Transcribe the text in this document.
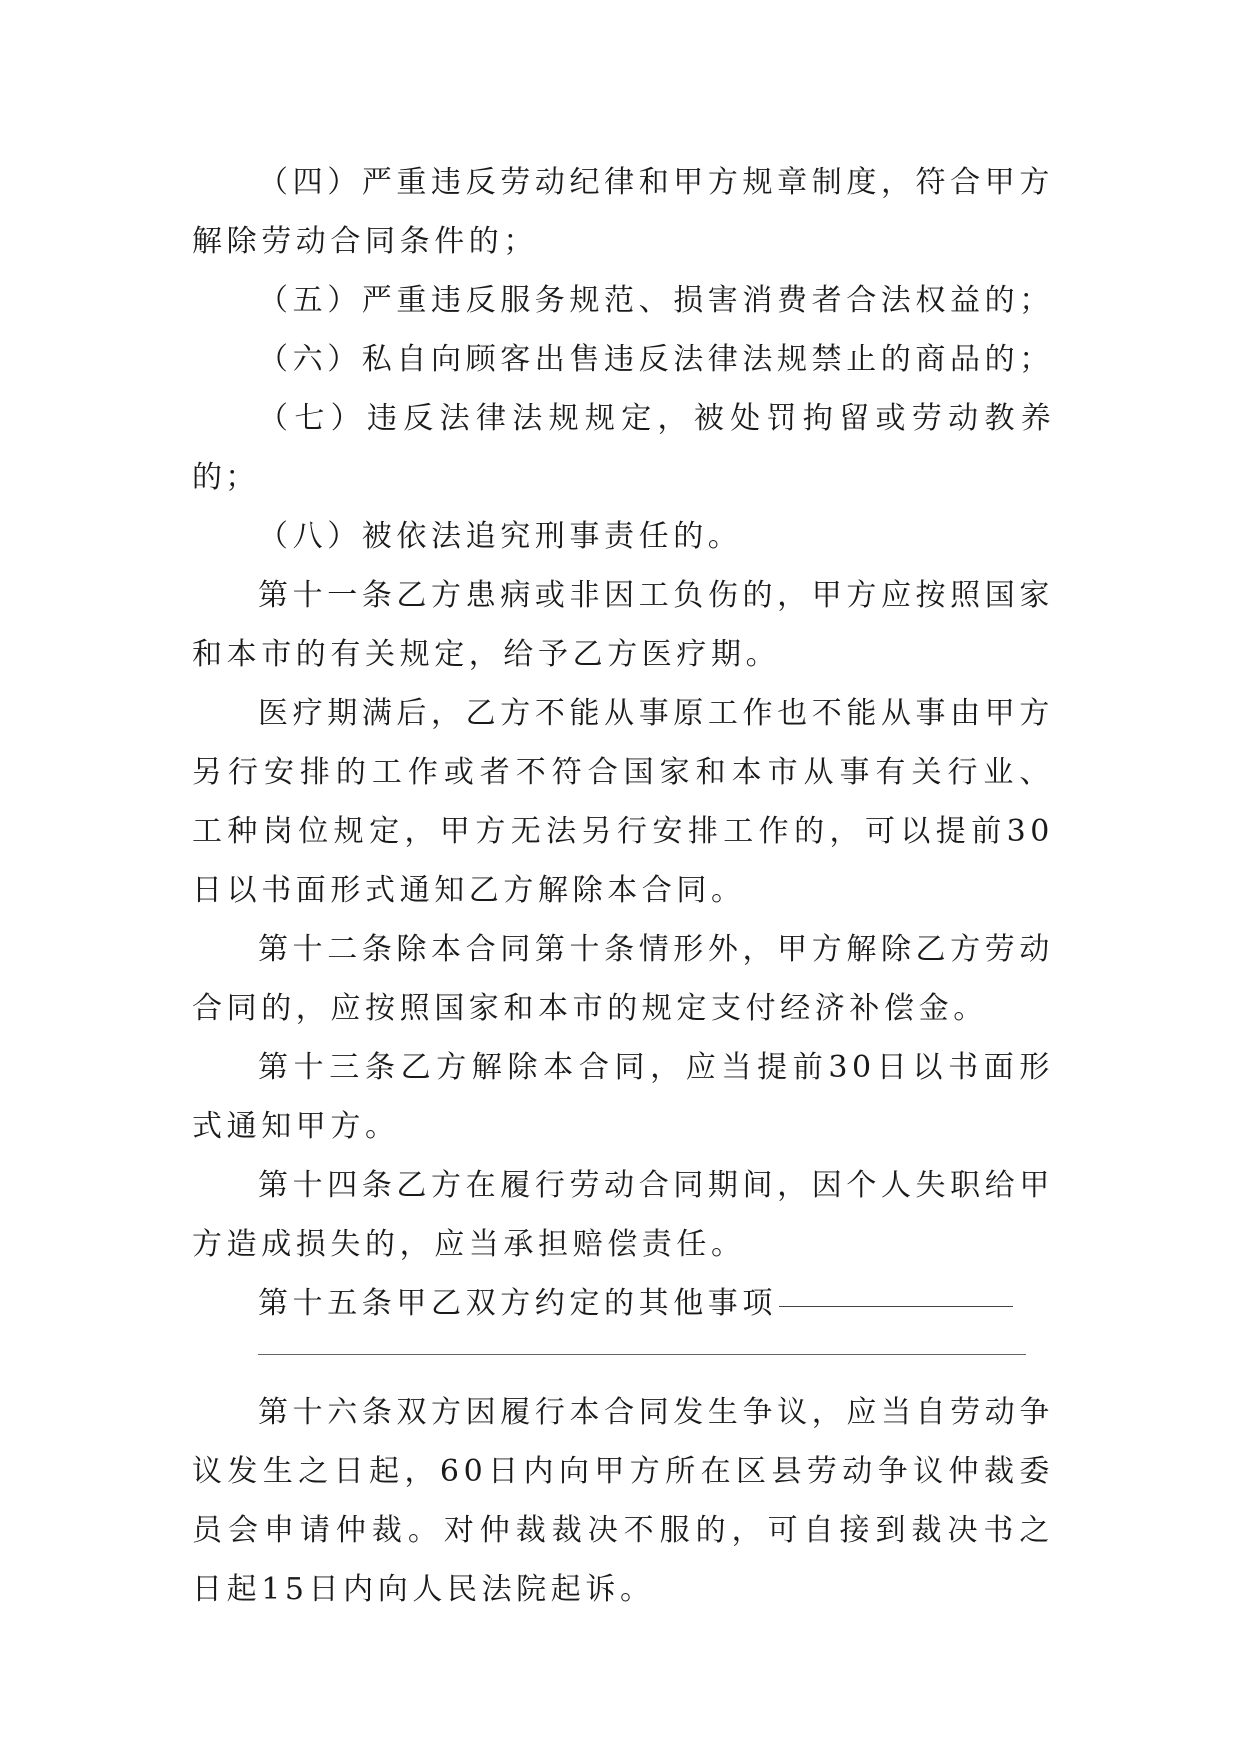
（四）严重违反劳动纪律和甲方规章制度，符合甲方解除劳动合同条件的；

（五）严重违反服务规范、损害消费者合法权益的；

（六）私自向顾客出售违反法律法规禁止的商品的；

（七）违反法律法规规定，被处罚拘留或劳动教养的；

（八）被依法追究刑事责任的。

第十一条乙方患病或非因工负伤的，甲方应按照国家和本市的有关规定，给予乙方医疗期。

医疗期满后，乙方不能从事原工作也不能从事由甲方另行安排的工作或者不符合国家和本市从事有关行业、工种岗位规定，甲方无法另行安排工作的，可以提前30日以书面形式通知乙方解除本合同。

第十二条除本合同第十条情形外，甲方解除乙方劳动合同的，应按照国家和本市的规定支付经济补偿金。

第十三条乙方解除本合同，应当提前30日以书面形式通知甲方。

第十四条乙方在履行劳动合同期间，因个人失职给甲方造成损失的，应当承担赔偿责任。

第十五条甲乙双方约定的其他事项

第十六条双方因履行本合同发生争议，应当自劳动争议发生之日起，60日内向甲方所在区县劳动争议仲裁委员会申请仲裁。对仲裁裁决不服的，可自接到裁决书之日起15日内向人民法院起诉。
